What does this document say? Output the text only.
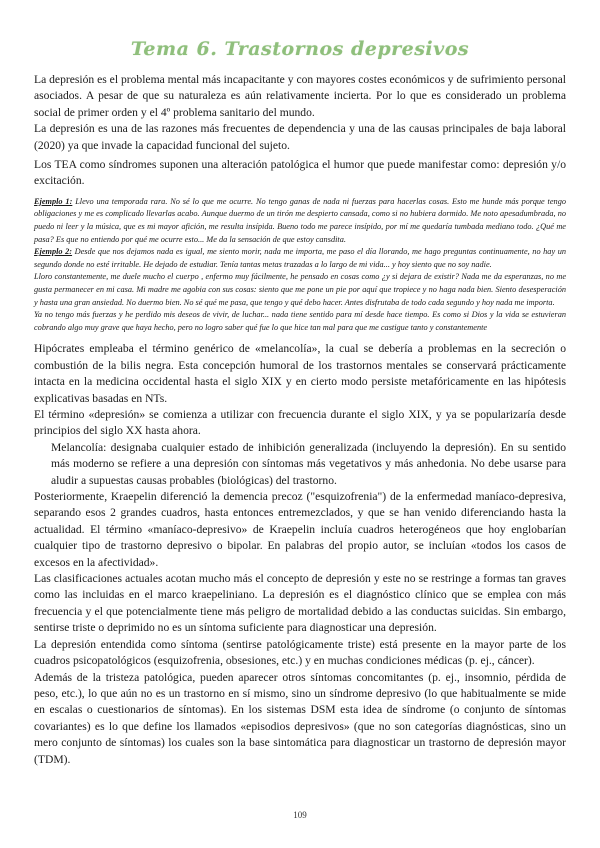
Tema 6. Trastornos depresivos

La depresión es el problema mental más incapacitante y con mayores costes económicos y de sufrimiento personal asociados. A pesar de que su naturaleza es aún relativamente incierta. Por lo que es considerado un problema social de primer orden y el 4º problema sanitario del mundo.

La depresión es una de las razones más frecuentes de dependencia y una de las causas principales de baja laboral (2020) ya que invade la capacidad funcional del sujeto.

Los TEA como síndromes suponen una alteración patológica el humor que puede manifestar como: depresión y/o excitación.

Ejemplo 1: Llevo una temporada rara. No sé lo que me ocurre. No tengo ganas de nada ni fuerzas para hacerlas cosas. Esto me hunde más porque tengo obligaciones y me es complicado llevarlas acabo. Aunque duermo de un tirón me despierto cansada, como si no hubiera dormido. Me noto apesadumbrada, no puedo ni leer y la música, que es mi mayor afición, me resulta insípida. Bueno todo me parece insípido, por mí me quedaría tumbada mediano todo. ¿Qué me pasa? Es que no entiendo por qué me ocurre esto... Me da la sensación de que estoy cansdita.

Ejemplo 2: Desde que nos dejamos nada es igual, me siento morir, nada me importa, me paso el día llorando, me hago preguntas continuamente, no hay un segundo donde no esté irritable. He dejado de estudiar. Tenía tantas metas trazadas a lo largo de mi vida... y hoy siento que no soy nadie.

Lloro constantemente, me duele mucho el cuerpo , enfermo muy fácilmente, he pensado en cosas como ¿y si dejara de existir? Nada me da esperanzas, no me gusta permanecer en mi casa. Mi madre me agobia con sus cosas: siento que me pone un pie por aquí que tropiece y no haga nada bien. Siento desesperación y hasta una gran ansiedad. No duermo bien. No sé qué me pasa, que tengo y qué debo hacer. Antes disfrutaba de todo cada segundo y hoy nada me importa.

Ya no tengo más fuerzas y he perdido mis deseos de vivir, de luchar... nada tiene sentido para mí desde hace tiempo. Es como si Dios y la vida se estuvieran cobrando algo muy grave que haya hecho, pero no logro saber qué fue lo que hice tan mal para que me castigue tanto y constantemente

Hipócrates empleaba el término genérico de «melancolía», la cual se debería a problemas en la secreción o combustión de la bilis negra. Esta concepción humoral de los trastornos mentales se conservará prácticamente intacta en la medicina occidental hasta el siglo XIX y en cierto modo persiste metafóricamente en las hipótesis explicativas basadas en NTs.

El término «depresión» se comienza a utilizar con frecuencia durante el siglo XIX, y ya se popularizaría desde principios del siglo XX hasta ahora.

Melancolía: designaba cualquier estado de inhibición generalizada (incluyendo la depresión). En su sentido más moderno se refiere a una depresión con síntomas más vegetativos y más anhedonia. No debe usarse para aludir a supuestas causas probables (biológicas) del trastorno.

Posteriormente, Kraepelin diferenció la demencia precoz ("esquizofrenia") de la enfermedad maníaco-depresiva, separando esos 2 grandes cuadros, hasta entonces entremezclados, y que se han venido diferenciando hasta la actualidad. El término «maníaco-depresivo» de Kraepelin incluía cuadros heterogéneos que hoy englobarían cualquier tipo de trastorno depresivo o bipolar. En palabras del propio autor, se incluían «todos los casos de excesos en la afectividad».

Las clasificaciones actuales acotan mucho más el concepto de depresión y este no se restringe a formas tan graves como las incluidas en el marco kraepeliniano. La depresión es el diagnóstico clínico que se emplea con más frecuencia y el que potencialmente tiene más peligro de mortalidad debido a las conductas suicidas. Sin embargo, sentirse triste o deprimido no es un síntoma suficiente para diagnosticar una depresión.

La depresión entendida como síntoma (sentirse patológicamente triste) está presente en la mayor parte de los cuadros psicopatológicos (esquizofrenia, obsesiones, etc.) y en muchas condiciones médicas (p. ej., cáncer).

Además de la tristeza patológica, pueden aparecer otros síntomas concomitantes (p. ej., insomnio, pérdida de peso, etc.), lo que aún no es un trastorno en sí mismo, sino un síndrome depresivo (lo que habitualmente se mide en escalas o cuestionarios de síntomas). En los sistemas DSM esta idea de síndrome (o conjunto de síntomas covariantes) es lo que define los llamados «episodios depresivos» (que no son categorías diagnósticas, sino un mero conjunto de síntomas) los cuales son la base sintomática para diagnosticar un trastorno de depresión mayor (TDM).

109
